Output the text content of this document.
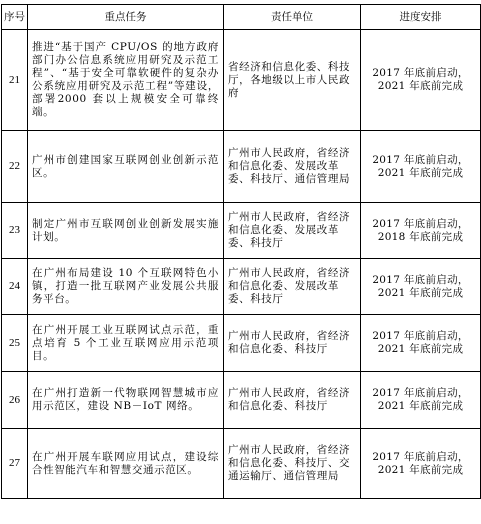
序号	重点任务	责任单位	进度安排
21	推进“基于国产 CPU/OS 的地方政府部门办公信息系统应用研究及示范工程”、“基于安全可靠软硬件的复杂办公系统应用研究及示范工程”等建设，部署2000 套以上规模安全可靠终端。	省经济和信息化委、科技厅，各地级以上市人民政府	2017 年底前启动，
2021 年底前完成

22	广州市创建国家互联网创业创新示范区。	广州市人民政府，省经济和信息化委、发展改革委、科技厅、通信管理局	2017 年底前启动，
2021 年底前完成

23	制定广州市互联网创业创新发展实施计划。	广州市人民政府，省经济和信息化委、发展改革委、科技厅	2017 年底前启动，
2018 年底前完成

24	在广州布局建设 10 个互联网特色小镇，打造一批互联网产业发展公共服务平台。	广州市人民政府，省经济和信息化委、发展改革委、科技厅	2017 年底前启动，
2021 年底前完成

25	在广州开展工业互联网试点示范，重点培育 5 个工业互联网应用示范项目。	广州市人民政府，省经济和信息化委、科技厅	2017 年底前启动，
2021 年底前完成

26	在广州打造新一代物联网智慧城市应用示范区，建设 NB－IoT 网络。	广州市人民政府，省经济和信息化委、科技厅	2017 年底前启动，
2021 年底前完成

27	在广州开展车联网应用试点，建设综合性智能汽车和智慧交通示范区。	广州市人民政府，省经济和信息化委、科技厅、交通运输厅、通信管理局	2017 年底前启动，
2021 年底前完成
